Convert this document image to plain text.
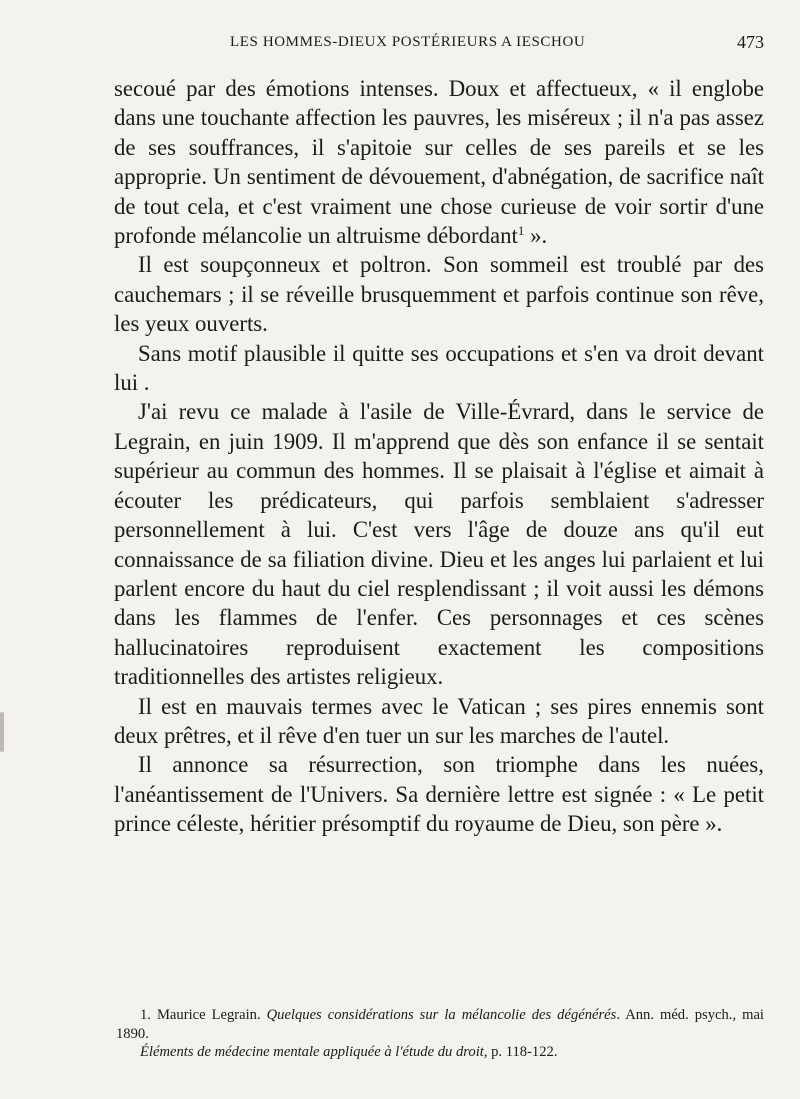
LES HOMMES-DIEUX POSTÉRIEURS A IESCHOU	473

secoué par des émotions intenses. Doux et affectueux, « il englobe dans une touchante affection les pauvres, les miséreux ; il n'a pas assez de ses souffrances, il s'apitoie sur celles de ses pareils et se les approprie. Un sentiment de dévouement, d'abnégation, de sacrifice naît de tout cela, et c'est vraiment une chose curieuse de voir sortir d'une profonde mélancolie un altruisme débordant$^1$ ».

Il est soupçonneux et poltron. Son sommeil est troublé par des cauchemars ; il se réveille brusquemment et parfois continue son rêve, les yeux ouverts.

Sans motif plausible il quitte ses occupations et s'en va droit devant lui .

J'ai revu ce malade à l'asile de Ville-Évrard, dans le service de Legrain, en juin 1909. Il m'apprend que dès son enfance il se sentait supérieur au commun des hommes. Il se plaisait à l'église et aimait à écouter les prédicateurs, qui parfois semblaient s'adresser personnellement à lui. C'est vers l'âge de douze ans qu'il eut connaissance de sa filiation divine. Dieu et les anges lui parlaient et lui parlent encore du haut du ciel resplendissant ; il voit aussi les démons dans les flammes de l'enfer. Ces personnages et ces scènes hallucinatoires reproduisent exactement les compositions traditionnelles des artistes religieux.

Il est en mauvais termes avec le Vatican ; ses pires ennemis sont deux prêtres, et il rêve d'en tuer un sur les marches de l'autel.

Il annonce sa résurrection, son triomphe dans les nuées, l'anéantissement de l'Univers. Sa dernière lettre est signée : « Le petit prince céleste, héritier présomptif du royaume de Dieu, son père ».

1. Maurice Legrain. Quelques considérations sur la mélancolie des dégénérés. Ann. méd. psych., mai 1890.

Éléments de médecine mentale appliquée à l'étude du droit, p. 118-122.
